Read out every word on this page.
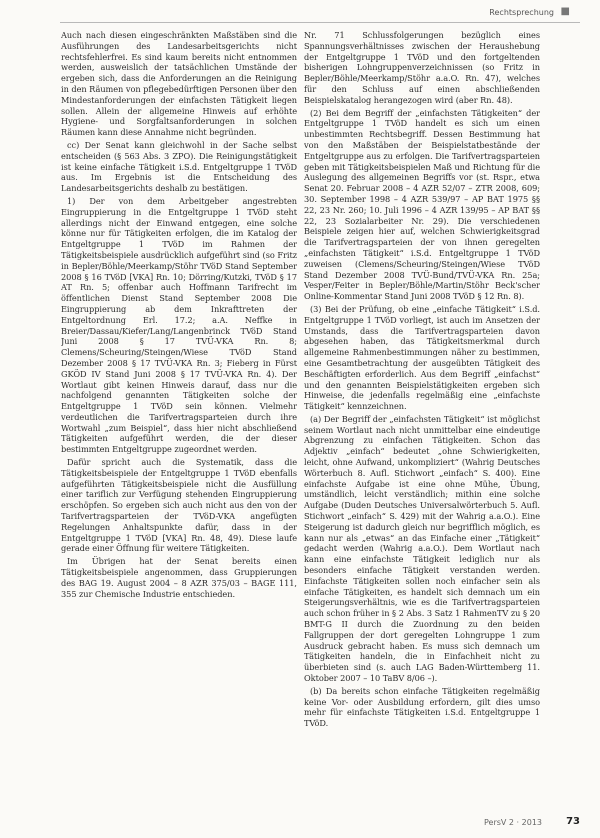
Rechtsprechung ■

Auch nach diesen eingeschränkten Maßstäben sind die Ausführungen des Landesarbeitsgerichts nicht rechtsfehlerfrei. Es sind kaum bereits nicht entnommen werden, ausweislich der tatsächlichen Umstände der ergeben sich, dass die Anforderungen an die Reinigung in den Räumen von pflegebedürftigen Personen über den Mindestanforderungen der einfachsten Tätigkeit liegen sollen. Allein der allgemeine Hinweis auf erhöhte Hygiene- und Sorgfaltsanforderungen in solchen Räumen kann diese Annahme nicht begründen.

cc) Der Senat kann gleichwohl in der Sache selbst entscheiden (§ 563 Abs. 3 ZPO). Die Reinigungstätigkeit ist keine einfache Tätigkeit i.S.d. Entgeltgruppe 1 TVöD aus. Im Ergebnis ist die Entscheidung des Landesarbeitsgerichts deshalb zu bestätigen.

1) Der von dem Arbeitgeber angestrebten Eingruppierung in die Entgeltgruppe 1 TVöD steht allerdings nicht der Einwand entgegen, eine solche könne nur für Tätigkeiten erfolgen, die im Katalog der Entgeltgruppe 1 TVöD im Rahmen der Tätigkeitsbeispiele ausdrücklich aufgeführt sind (so Fritz in Bepler/Böhle/Meerkamp/Stöhr TVöD Stand September 2008 § 16 TVöD [VKA] Rn. 10; Dörring/Kutzki, TVöD § 17 AT Rn. 5; offenbar auch Hoffmann Tarifrecht im öffentlichen Dienst Stand September 2008 Die Eingruppierung ab dem Inkrafttreten der Entgeltordnung Erl. 17.2; a.A. Neffke in Breier/Dassau/Kiefer/Lang/Langenbrinck TVöD Stand Juni 2008 § 17 TVÜ-VKA Rn. 8; Clemens/Scheuring/Steingen/Wiese TVöD Stand Dezember 2008 § 17 TVÜ-VKA Rn. 3; Fieberg in Fürst GKÖD IV Stand Juni 2008 § 17 TVÜ-VKA Rn. 4). Der Wortlaut gibt keinen Hinweis darauf, dass nur die nachfolgend genannten Tätigkeiten solche der Entgeltgruppe 1 TVöD sein können. Vielmehr verdeutlichen die Tarifvertragsparteien durch ihre Wortwahl „zum Beispiel“, dass hier nicht abschließend Tätigkeiten aufgeführt werden, die der dieser bestimmten Entgeltgruppe zugeordnet werden.

Dafür spricht auch die Systematik, dass die Tätigkeitsbeispiele der Entgeltgruppe 1 TVöD ebenfalls aufgeführten Tätigkeitsbeispiele nicht die Ausfüllung einer tariflich zur Verfügung stehenden Eingruppierung erschöpfen. So ergeben sich auch nicht aus den von der Tarifvertragsparteien der TVöD-VKA angefügten Regelungen Anhaltspunkte dafür, dass in der Entgeltgruppe 1 TVöD [VKA] Rn. 48, 49). Diese laufe gerade einer Öffnung für weitere Tätigkeiten.

Im Übrigen hat der Senat bereits einen Tätigkeitsbeispiele angenommen, dass Gruppierungen des BAG 19. August 2004 – 8 AZR 375/03 – BAGE 111, 355 zur Chemische Industrie entschieden.

Nr. 71 Schlussfolgerungen bezüglich eines Spannungsverhältnisses zwischen der Heraushebung der Entgeltgruppe 1 TVöD und den fortgeltenden bisherigen Lohngruppenverzeichnissen (so Fritz in Bepler/Böhle/Meerkamp/Stöhr a.a.O. Rn. 47), welches für den Schluss auf einen abschließenden Beispielskatalog herangezogen wird (aber Rn. 48).

(2) Bei dem Begriff der „einfachsten Tätigkeiten“ der Entgeltgruppe 1 TVöD handelt es sich um einen unbestimmten Rechtsbegriff. Dessen Bestimmung hat von den Maßstäben der Beispielstatbestände der Entgeltgruppe aus zu erfolgen. Die Tarifvertragsparteien geben mit Tätigkeitsbeispielen Maß und Richtung für die Auslegung des allgemeinen Begriffs vor (st. Rspr., etwa Senat 20. Februar 2008 – 4 AZR 52/07 – ZTR 2008, 609; 30. September 1998 – 4 AZR 539/97 – AP BAT 1975 §§ 22, 23 Nr. 260; 10. Juli 1996 – 4 AZR 139/95 – AP BAT §§ 22, 23 Sozialarbeiter Nr. 29). Die verschiedenen Beispiele zeigen hier auf, welchen Schwierigkeitsgrad die Tarifvertragsparteien der von ihnen geregelten „einfachsten Tätigkeit“ i.S.d. Entgeltgruppe 1 TVöD zuweisen (Clemens/Scheuring/Steingen/Wiese TVöD Stand Dezember 2008 TVÜ-Bund/TVÜ-VKA Rn. 25a; Vesper/Feiter in Bepler/Böhle/Martin/Stöhr Beck'scher Online-Kommentar Stand Juni 2008 TVöD § 12 Rn. 8).

(3) Bei der Prüfung, ob eine „einfache Tätigkeit“ i.S.d. Entgeltgruppe 1 TVöD vorliegt, ist auch im Ansetzen der Umstands, dass die Tarifvertragsparteien davon abgesehen haben, das Tätigkeitsmerkmal durch allgemeine Rahmenbestimmungen näher zu bestimmen, eine Gesamtbetrachtung der ausgeübten Tätigkeit des Beschäftigten erforderlich. Aus dem Begriff „einfachst“ und den genannten Beispielstätigkeiten ergeben sich Hinweise, die jedenfalls regelmäßig eine „einfachste Tätigkeit“ kennzeichnen.

(a) Der Begriff der „einfachsten Tätigkeit“ ist möglichst seinem Wortlaut nach nicht unmittelbar eine eindeutige Abgrenzung zu einfachen Tätigkeiten. Schon das Adjektiv „einfach“ bedeutet „ohne Schwierigkeiten, leicht, ohne Aufwand, unkompliziert“ (Wahrig Deutsches Wörterbuch 8. Aufl. Stichwort „einfach“ S. 400). Eine einfachste Aufgabe ist eine ohne Mühe, Übung, umständlich, leicht verständlich; mithin eine solche Aufgabe (Duden Deutsches Universalwörterbuch 5. Aufl. Stichwort „einfach“ S. 429) mit der Wahrig a.a.O.). Eine Steigerung ist dadurch gleich nur begrifflich möglich, es kann nur als „etwas“ an das Einfache einer „Tätigkeit“ gedacht werden (Wahrig a.a.O.). Dem Wortlaut nach kann eine einfachste Tätigkeit lediglich nur als besonders einfache Tätigkeit verstanden werden. Einfachste Tätigkeiten sollen noch einfacher sein als einfache Tätigkeiten, es handelt sich demnach um ein Steigerungsverhältnis, wie es die Tarifvertragsparteien auch schon früher in § 2 Abs. 3 Satz 1 RahmenTV zu § 20 BMT-G II durch die Zuordnung zu den beiden Fallgruppen der dort geregelten Lohngruppe 1 zum Ausdruck gebracht haben. Es muss sich demnach um Tätigkeiten handeln, die in Einfachheit nicht zu überbieten sind (s. auch LAG Baden-Württemberg 11. Oktober 2007 – 10 TaBV 8/06 –).

(b) Da bereits schon einfache Tätigkeiten regelmäßig keine Vor- oder Ausbildung erfordern, gilt dies umso mehr für einfachste Tätigkeiten i.S.d. Entgeltgruppe 1 TVöD.

PersV 2 · 2013 73
